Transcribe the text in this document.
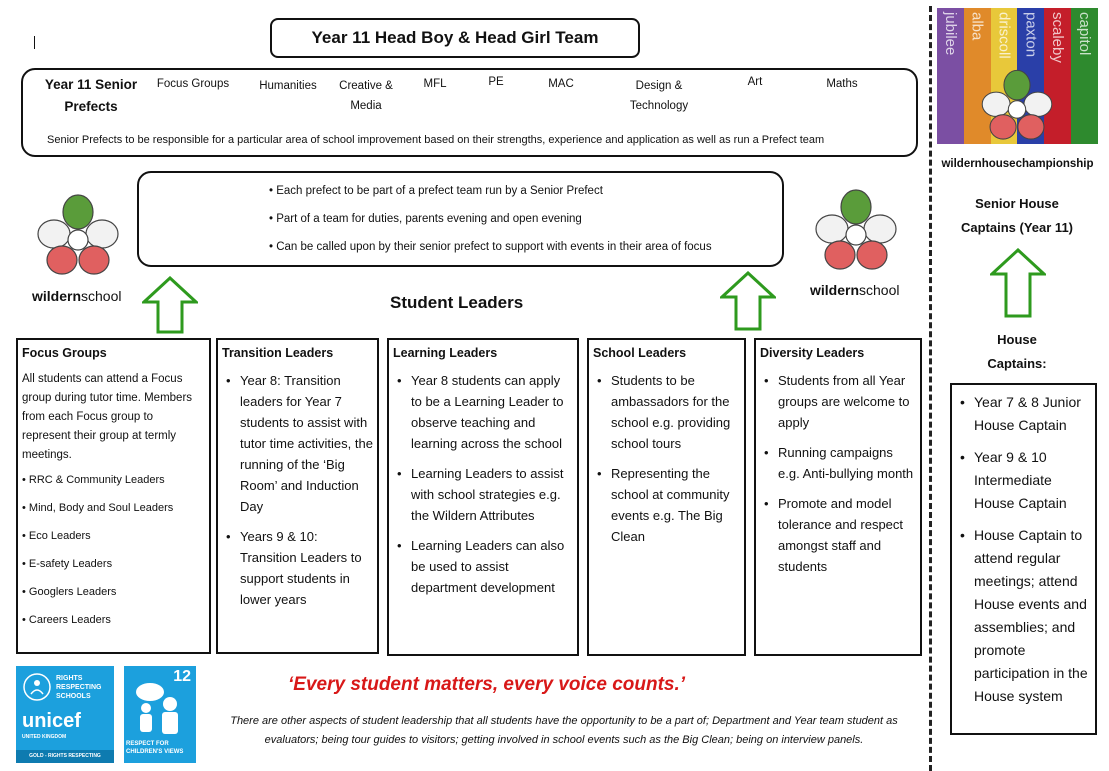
Year 11 Head Boy & Head Girl Team
Year 11 Senior Prefects
Focus Groups	Humanities	Creative & Media
MFL	PE	MAC	Design & Technology
Art	Maths
Senior Prefects to be responsible for a particular area of school improvement based on their strengths, experience and application as well as run a Prefect team
• Each prefect to be part of a prefect team run by a Senior Prefect
• Part of a team for duties, parents evening and open evening
• Can be called upon by their senior prefect to support with events in their area of focus
wildernschool	wildernschool
Student Leaders
Focus Groups
All students can attend a Focus group during tutor time. Members from each Focus group to represent their group at termly meetings.
• RRC & Community Leaders
• Mind, Body and Soul Leaders
• Eco Leaders
• E-safety Leaders
• Googlers Leaders
• Careers Leaders
Transition Leaders
• Year 8: Transition leaders for Year 7 students to assist with tutor time activities, the running of the ‘Big Room’ and Induction Day
• Years 9 & 10: Transition Leaders to support students in lower years
Learning Leaders
• Year 8 students can apply to be a Learning Leader to observe teaching and learning across the school
• Learning Leaders to assist with school strategies e.g. the Wildern Attributes
• Learning Leaders can also be used to assist department development
School Leaders
• Students to be ambassadors for the school e.g. providing school tours
• Representing the school at community events e.g. The Big Clean
Diversity Leaders
• Students from all Year groups are welcome to apply
• Running campaigns e.g. Anti-bullying month
• Promote and model tolerance and respect amongst staff and students
RIGHTS
RESPECTING
SCHOOLS
unicef
UNITED KINGDOM
GOLD - RIGHTS RESPECTING
12
RESPECT FOR CHILDREN'S VIEWS
‘Every student matters, every voice counts.’
There are other aspects of student leadership that all students have the opportunity to be a part of; Department and Year team student as evaluators; being tour guides to visitors; getting involved in school events such as the Big Clean; being on interview panels.
jubilee alba driscoll paxton scaleby capitol
wildernhousechampionship
Senior House Captains (Year 11)
House Captains:
• Year 7 & 8 Junior House Captain
• Year 9 & 10 Intermediate House Captain
• House Captain to attend regular meetings; attend House events and assemblies; and promote participation in the House system
